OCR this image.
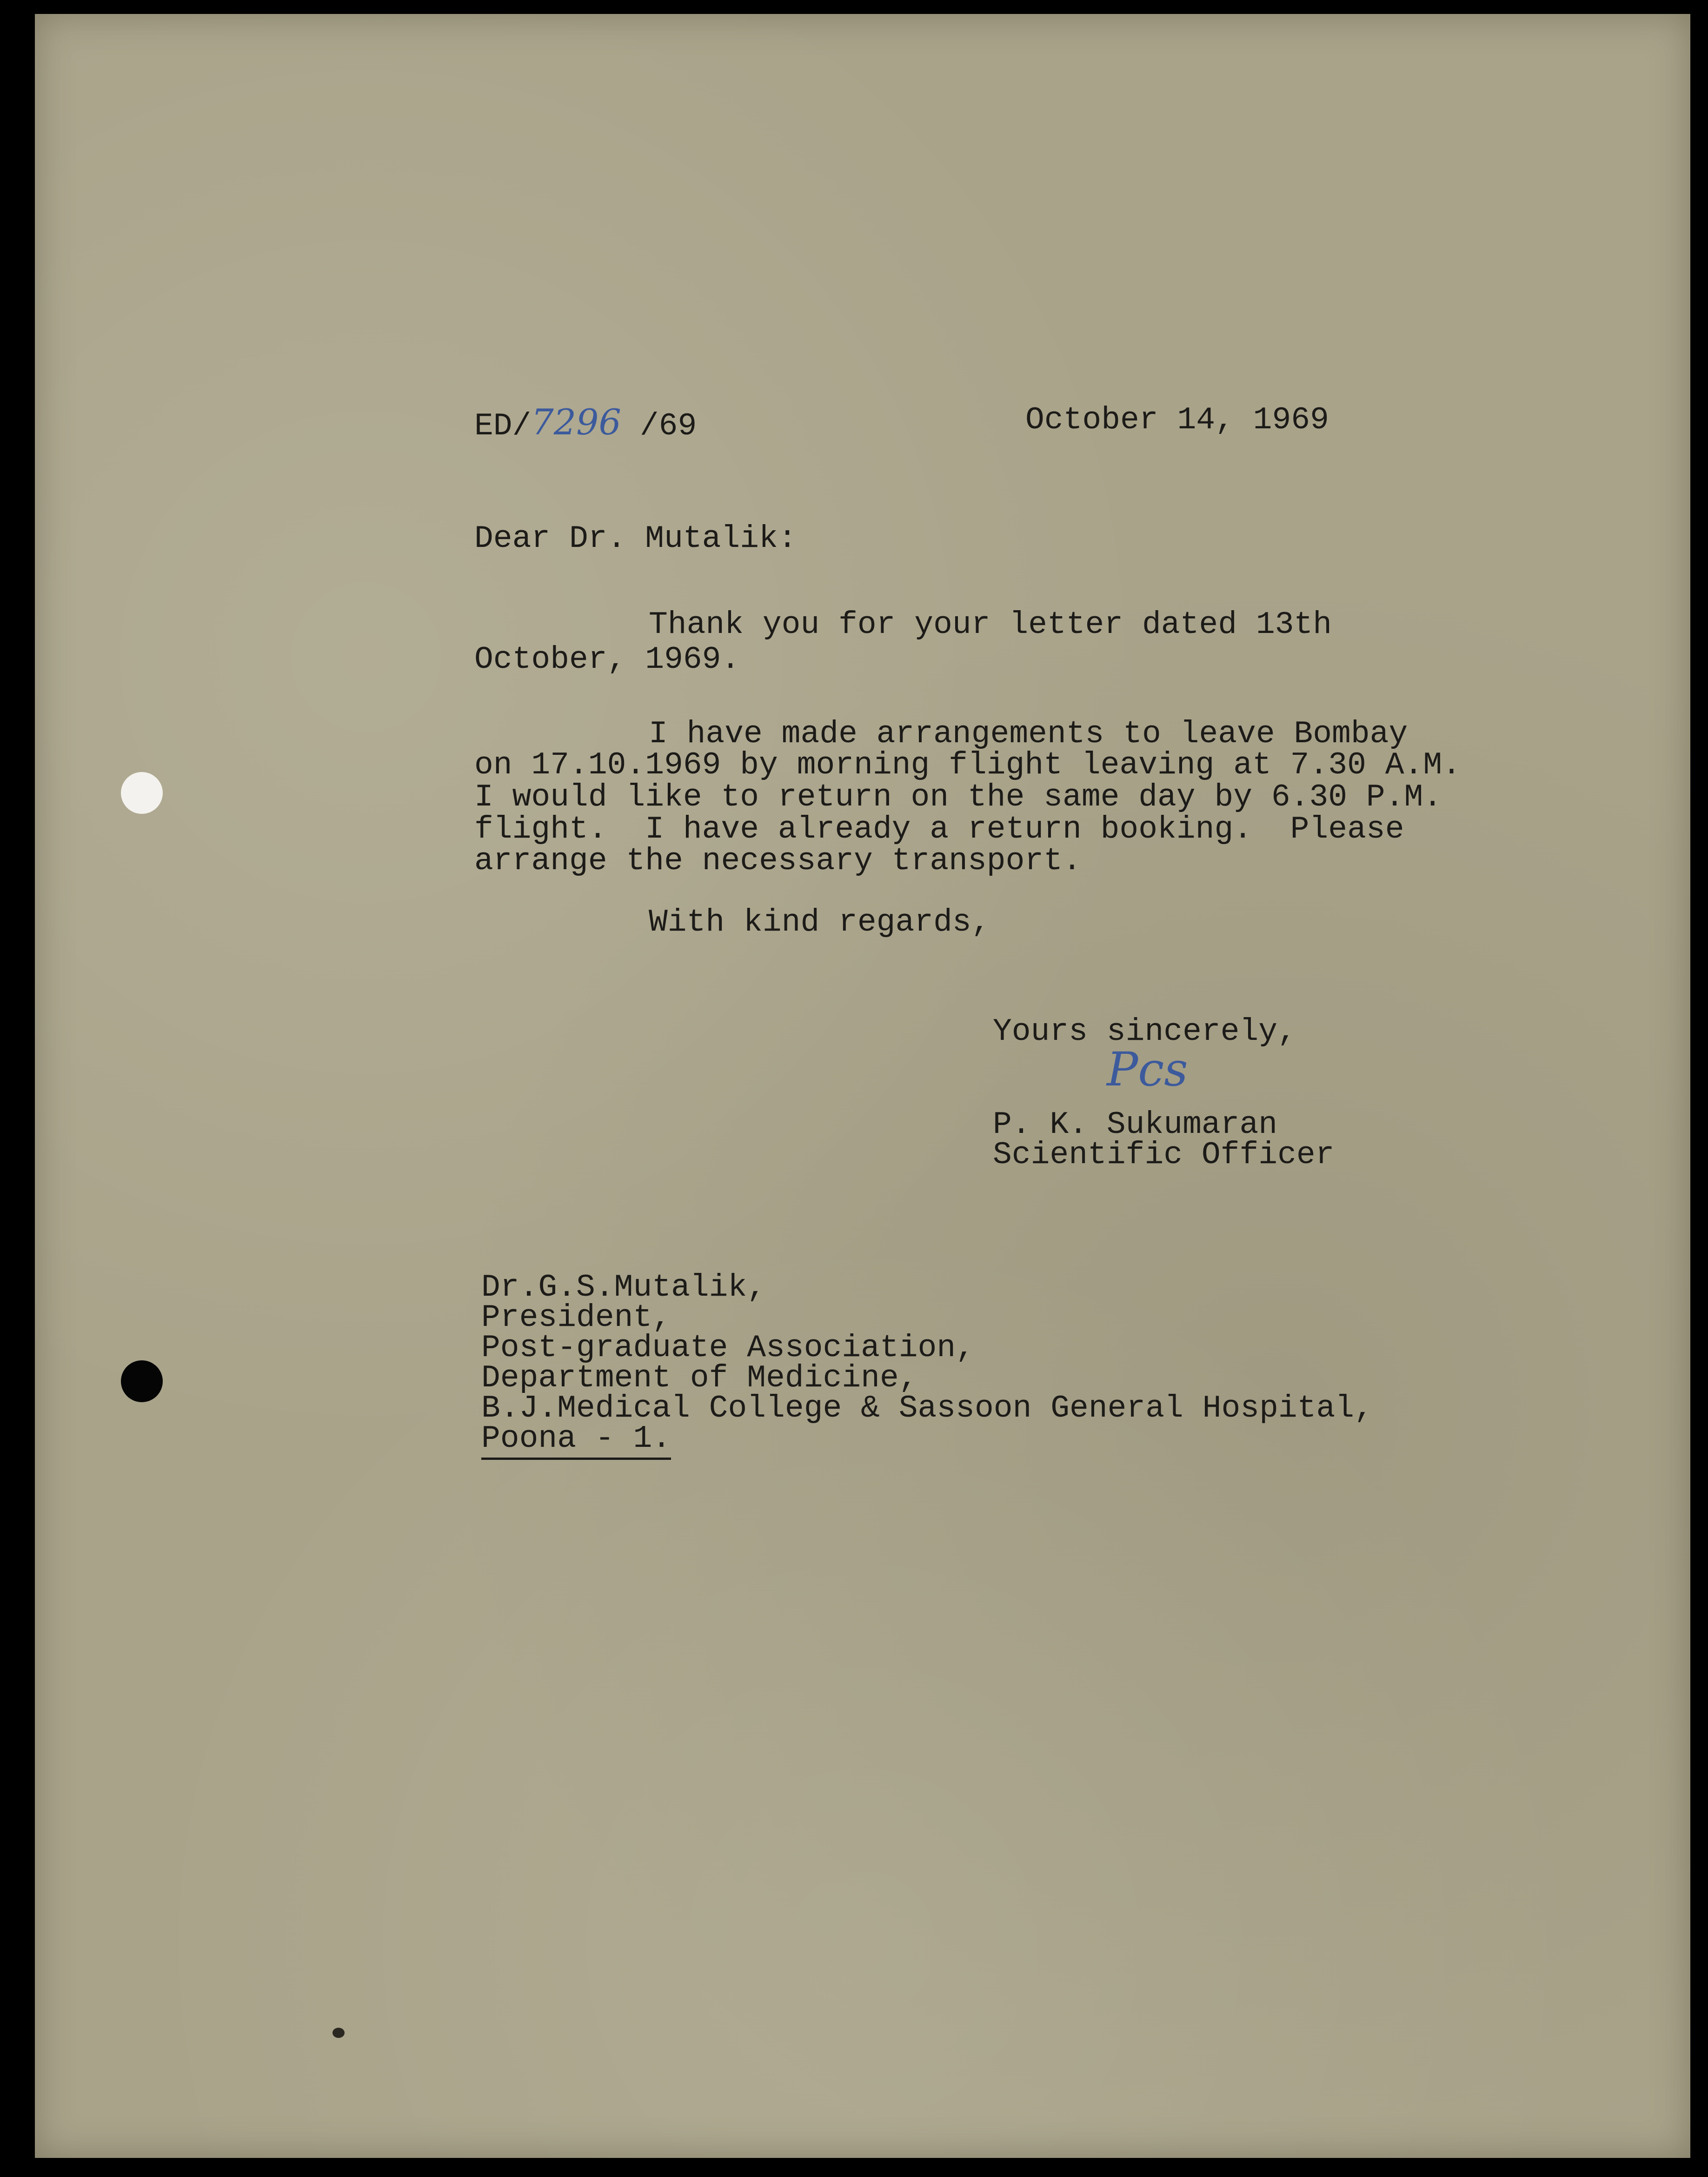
ED/7296 /69	October 14, 1969
Dear Dr. Mutalik:
Thank you for your letter dated 13th
October, 1969.
I have made arrangements to leave Bombay
on 17.10.1969 by morning flight leaving at 7.30 A.M.
I would like to return on the same day by 6.30 P.M.
flight.  I have already a return booking.  Please
arrange the necessary transport.
With kind regards,
Yours sincerely,
Pcs
P. K. Sukumaran
Scientific Officer
Dr.G.S.Mutalik,
President,
Post-graduate Association,
Department of Medicine,
B.J.Medical College & Sassoon General Hospital,
Poona - 1.
